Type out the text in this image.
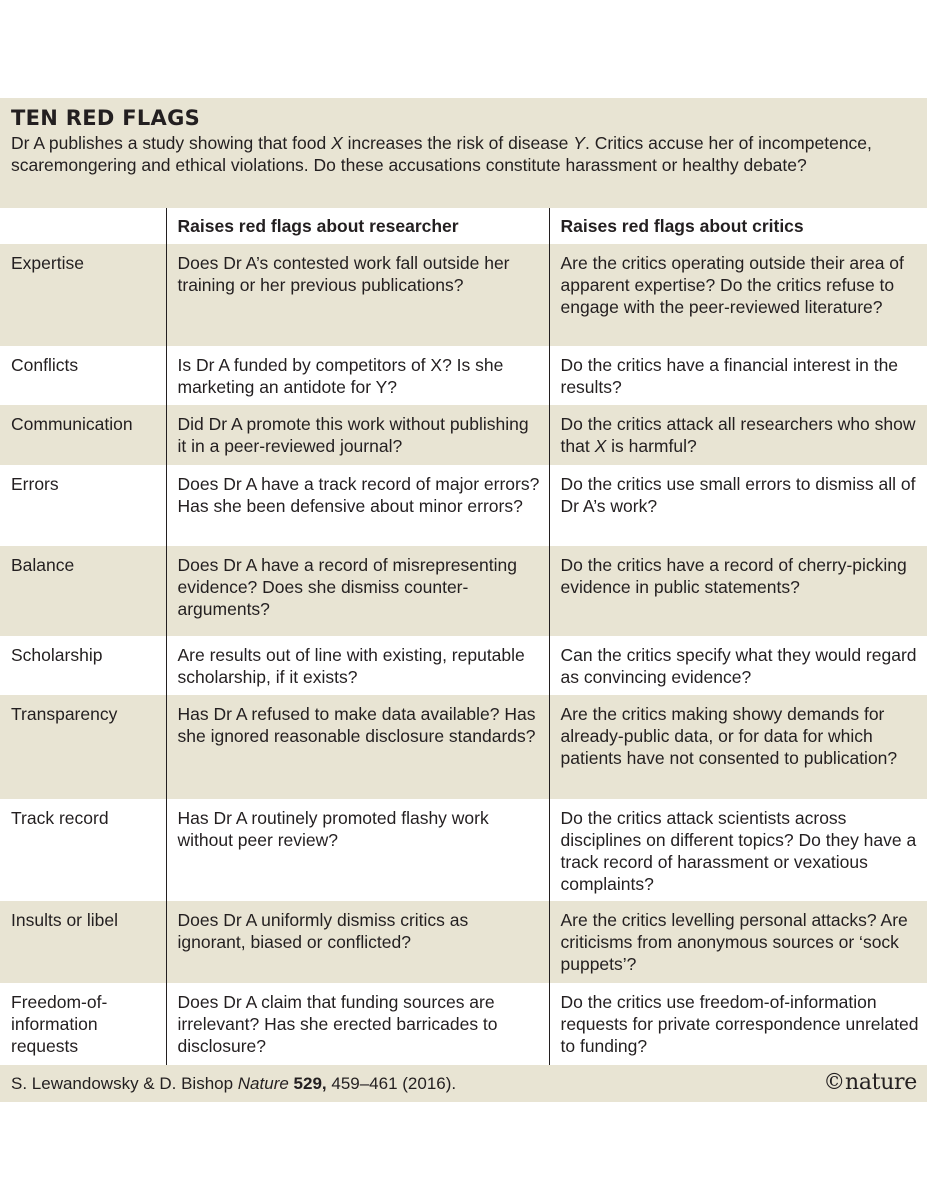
TEN RED FLAGS

Dr A publishes a study showing that food X increases the risk of disease Y. Critics accuse her of incompetence, scaremongering and ethical violations. Do these accusations constitute harassment or healthy debate?

	Raises red flags about researcher	Raises red flags about critics
Expertise	Does Dr A’s contested work fall outside her training or her previous publications?	Are the critics operating outside their area of apparent expertise? Do the critics refuse to engage with the peer-reviewed literature?
Conflicts	Is Dr A funded by competitors of X? Is she marketing an antidote for Y?	Do the critics have a financial interest in the results?
Communication	Did Dr A promote this work without publishing it in a peer-reviewed journal?	Do the critics attack all researchers who show that X is harmful?
Errors	Does Dr A have a track record of major errors? Has she been defensive about minor errors?	Do the critics use small errors to dismiss all of Dr A’s work?
Balance	Does Dr A have a record of misrepresenting evidence? Does she dismiss counter-arguments?	Do the critics have a record of cherry-picking evidence in public statements?
Scholarship	Are results out of line with existing, reputable scholarship, if it exists?	Can the critics specify what they would regard as convincing evidence?
Transparency	Has Dr A refused to make data available? Has she ignored reasonable disclosure standards?	Are the critics making showy demands for already-public data, or for data for which patients have not consented to publication?
Track record	Has Dr A routinely promoted flashy work without peer review?	Do the critics attack scientists across disciplines on different topics? Do they have a track record of harassment or vexatious complaints?
Insults or libel	Does Dr A uniformly dismiss critics as ignorant, biased or conflicted?	Are the critics levelling personal attacks? Are criticisms from anonymous sources or ‘sock puppets’?
Freedom-of-information requests	Does Dr A claim that funding sources are irrelevant? Has she erected barricades to disclosure?	Do the critics use freedom-of-information requests for private correspondence unrelated to funding?
S. Lewandowsky & D. Bishop Nature 529, 459–461 (2016).	©nature
